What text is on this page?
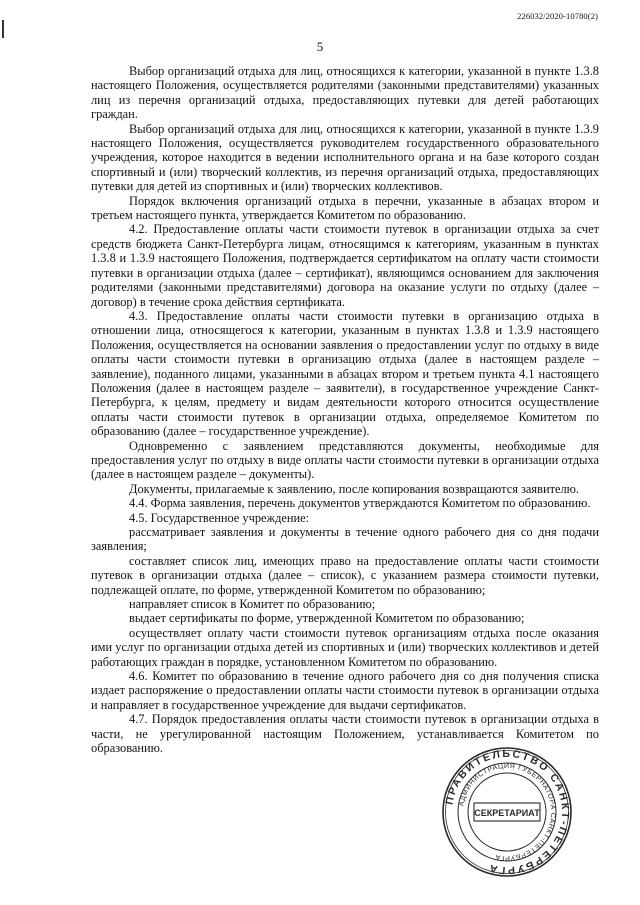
226032/2020-10780(2)
5

Выбор организаций отдыха для лиц, относящихся к категории, указанной в пункте 1.3.8 настоящего Положения, осуществляется родителями (законными представителями) указанных лиц из перечня организаций отдыха, предоставляющих путевки для детей работающих граждан.

Выбор организаций отдыха для лиц, относящихся к категории, указанной в пункте 1.3.9 настоящего Положения, осуществляется руководителем государственного образовательного учреждения, которое находится в ведении исполнительного органа и на базе которого создан спортивный и (или) творческий коллектив, из перечня организаций отдыха, предоставляющих путевки для детей из спортивных и (или) творческих коллективов.

Порядок включения организаций отдыха в перечни, указанные в абзацах втором и третьем настоящего пункта, утверждается Комитетом по образованию.

4.2. Предоставление оплаты части стоимости путевок в организации отдыха за счет средств бюджета Санкт-Петербурга лицам, относящимся к категориям, указанным в пунктах 1.3.8 и 1.3.9 настоящего Положения, подтверждается сертификатом на оплату части стоимости путевки в организации отдыха (далее – сертификат), являющимся основанием для заключения родителями (законными представителями) договора на оказание услуги по отдыху (далее – договор) в течение срока действия сертификата.

4.3. Предоставление оплаты части стоимости путевки в организацию отдыха в отношении лица, относящегося к категории, указанным в пунктах 1.3.8 и 1.3.9 настоящего Положения, осуществляется на основании заявления о предоставлении услуг по отдыху в виде оплаты части стоимости путевки в организацию отдыха (далее в настоящем разделе – заявление), поданного лицами, указанными в абзацах втором и третьем пункта 4.1 настоящего Положения (далее в настоящем разделе – заявители), в государственное учреждение Санкт-Петербурга, к целям, предмету и видам деятельности которого относится осуществление оплаты части стоимости путевок в организации отдыха, определяемое Комитетом по образованию (далее – государственное учреждение).

Одновременно с заявлением представляются документы, необходимые для предоставления услуг по отдыху в виде оплаты части стоимости путевки в организации отдыха (далее в настоящем разделе – документы).

Документы, прилагаемые к заявлению, после копирования возвращаются заявителю.

4.4. Форма заявления, перечень документов утверждаются Комитетом по образованию.

4.5. Государственное учреждение:

рассматривает заявления и документы в течение одного рабочего дня со дня подачи заявления;

составляет список лиц, имеющих право на предоставление оплаты части стоимости путевок в организации отдыха (далее – список), с указанием размера стоимости путевки, подлежащей оплате, по форме, утвержденной Комитетом по образованию;

направляет список в Комитет по образованию;

выдает сертификаты по форме, утвержденной Комитетом по образованию;

осуществляет оплату части стоимости путевок организациям отдыха после оказания ими услуг по организации отдыха детей из спортивных и (или) творческих коллективов и детей работающих граждан в порядке, установленном Комитетом по образованию.

4.6. Комитет по образованию в течение одного рабочего дня со дня получения списка издает распоряжение о предоставлении оплаты части стоимости путевок в организации отдыха и направляет в государственное учреждение для выдачи сертификатов.

4.7. Порядок предоставления оплаты части стоимости путевок в организации отдыха в части, не урегулированной настоящим Положением, устанавливается Комитетом по образованию.

ПРАВИТЕЛЬСТВО САНКТ-ПЕТЕРБУРГА
АДМИНИСТРАЦИЯ ГУБЕРНАТОРА САНКТ-ПЕТЕРБУРГА
СЕКРЕТАРИАТ
